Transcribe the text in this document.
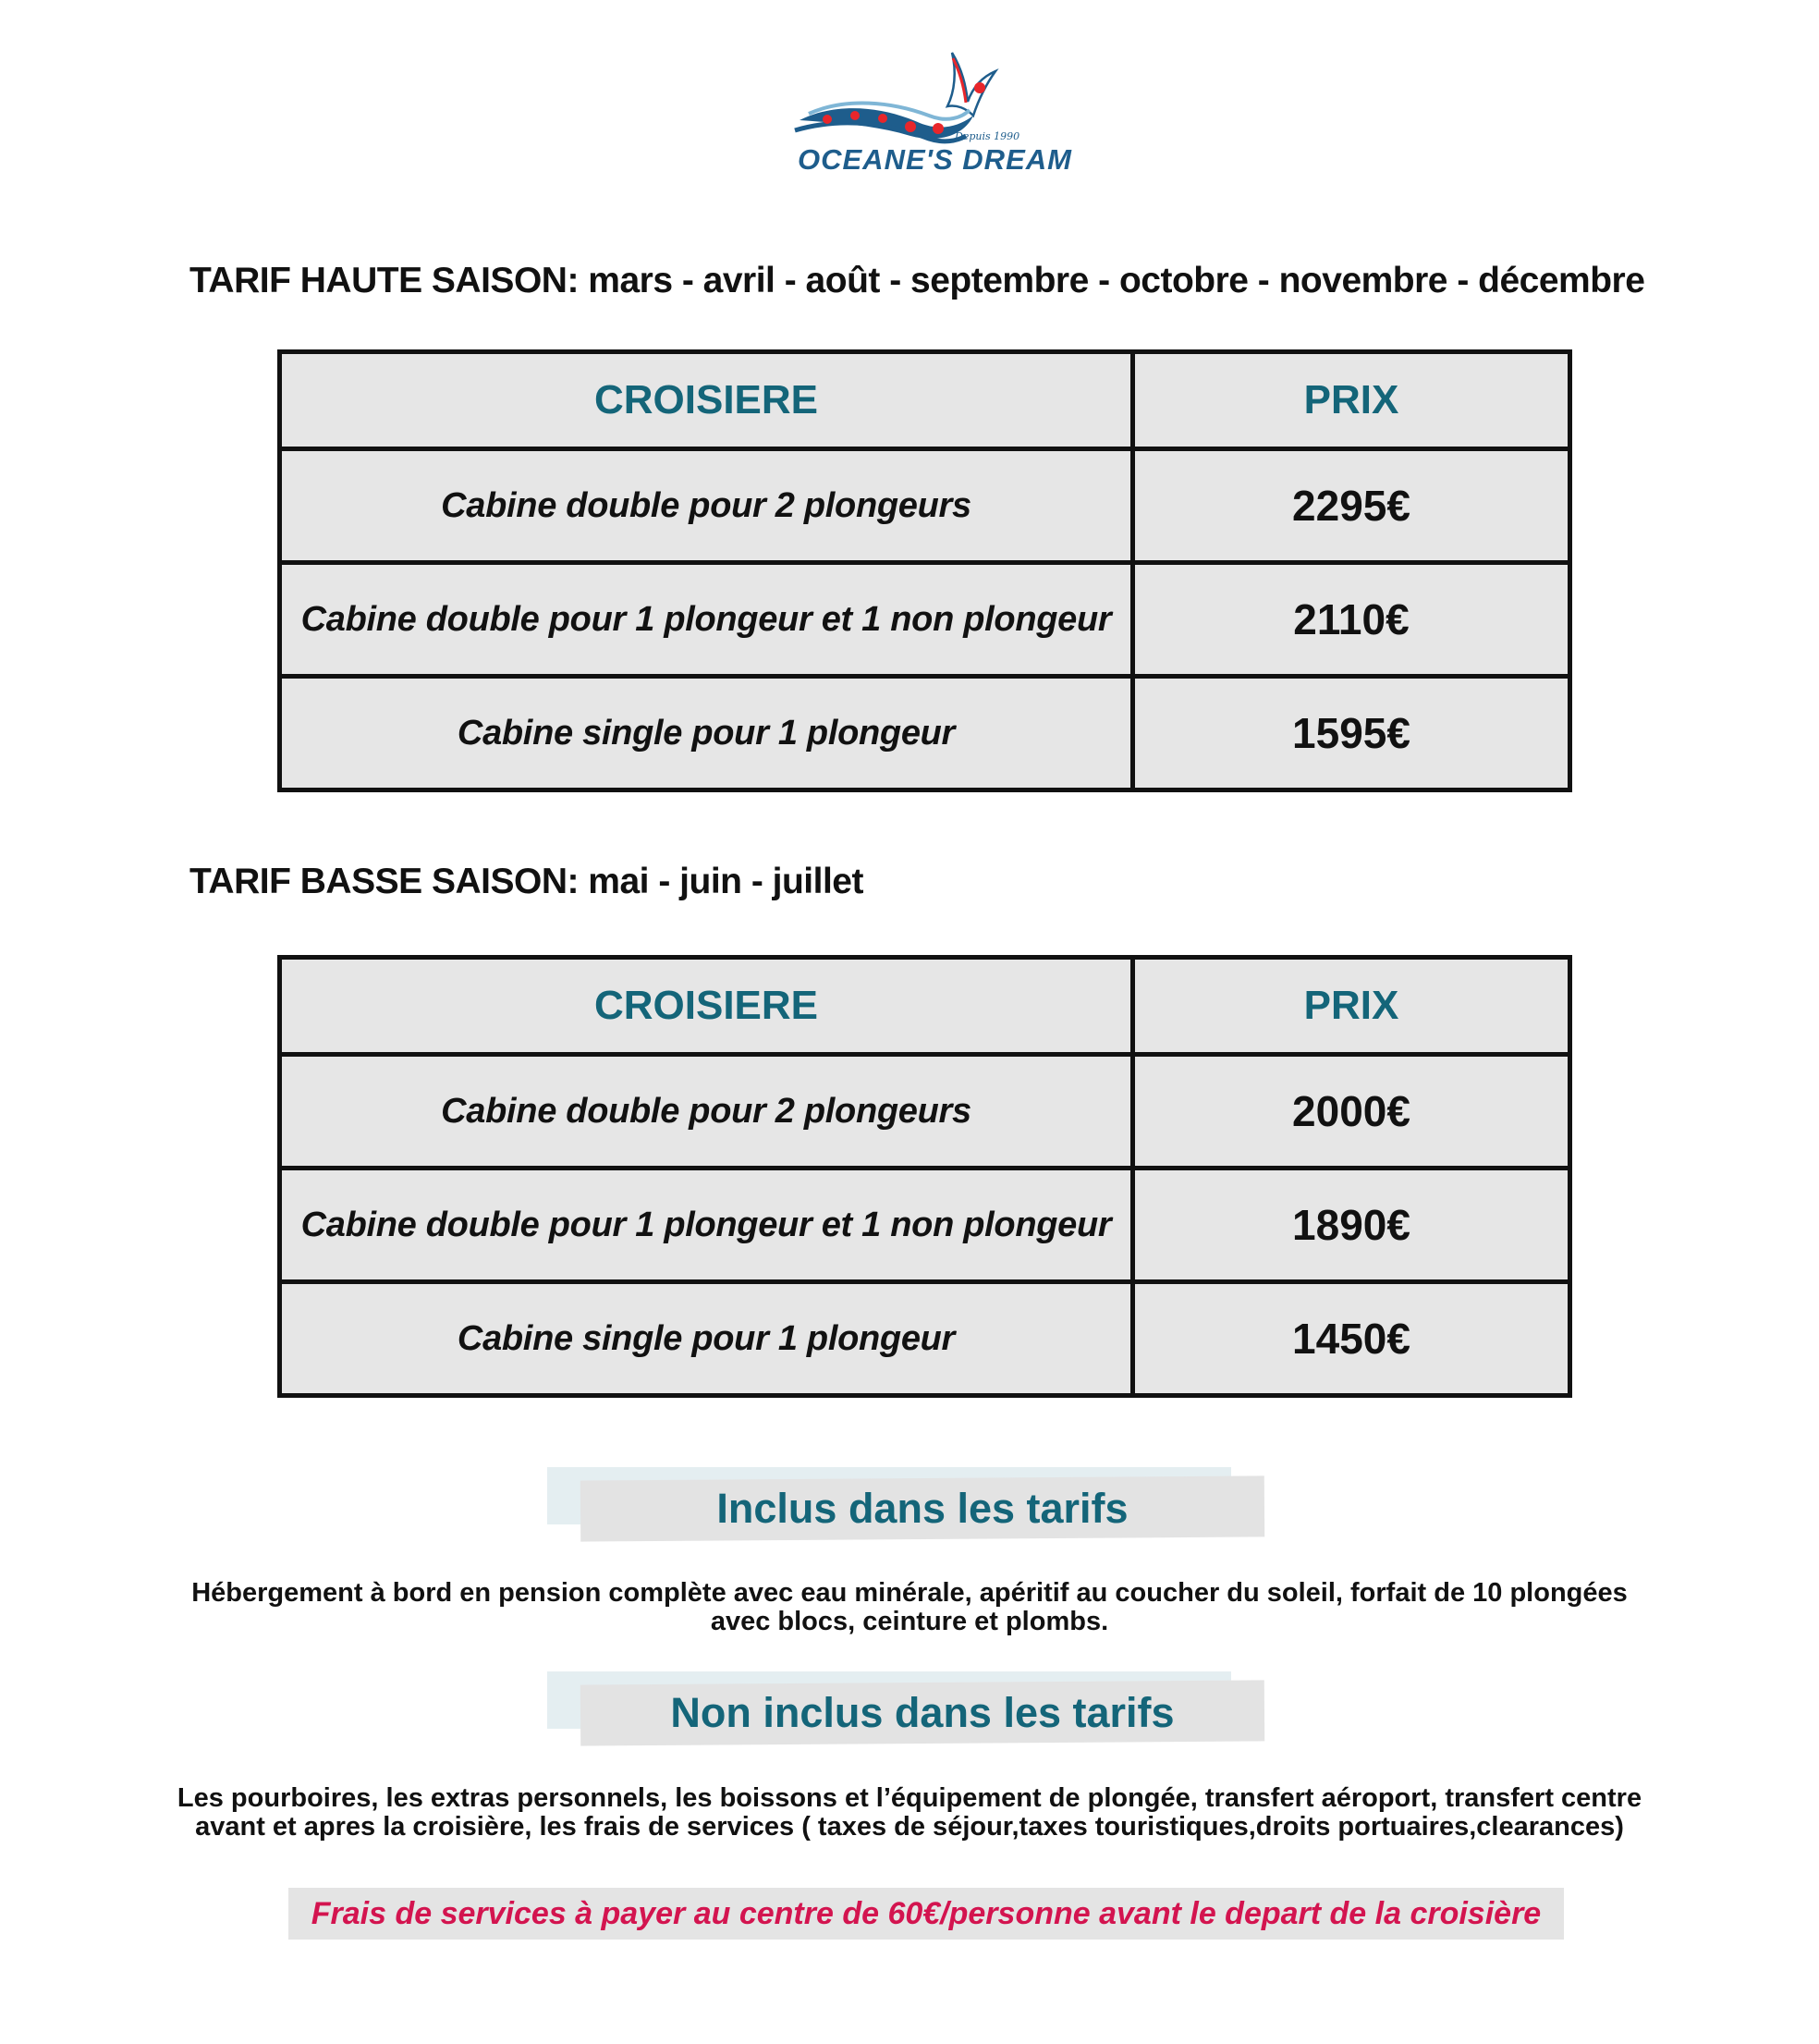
Depuis 1990
OCEANE'S DREAM
TARIF HAUTE SAISON: mars - avril - août - septembre - octobre - novembre - décembre
CROISIERE	PRIX
Cabine double pour 2 plongeurs	2295€
Cabine double pour 1 plongeur et 1 non plongeur	2110€
Cabine single pour 1 plongeur	1595€
TARIF BASSE SAISON: mai - juin - juillet
CROISIERE	PRIX
Cabine double pour 2 plongeurs	2000€
Cabine double pour 1 plongeur et 1 non plongeur	1890€
Cabine single pour 1 plongeur	1450€
Inclus dans les tarifs
Hébergement à bord en pension complète avec eau minérale, apéritif au coucher du soleil, forfait de 10 plongées
avec blocs, ceinture et plombs.
Non inclus dans les tarifs
Les pourboires, les extras personnels, les boissons et l’équipement de plongée, transfert aéroport, transfert centre
avant et apres la croisière, les frais de services ( taxes de séjour,taxes touristiques,droits portuaires,clearances)
Frais de services à payer au centre de 60€/personne avant le depart de la croisière
